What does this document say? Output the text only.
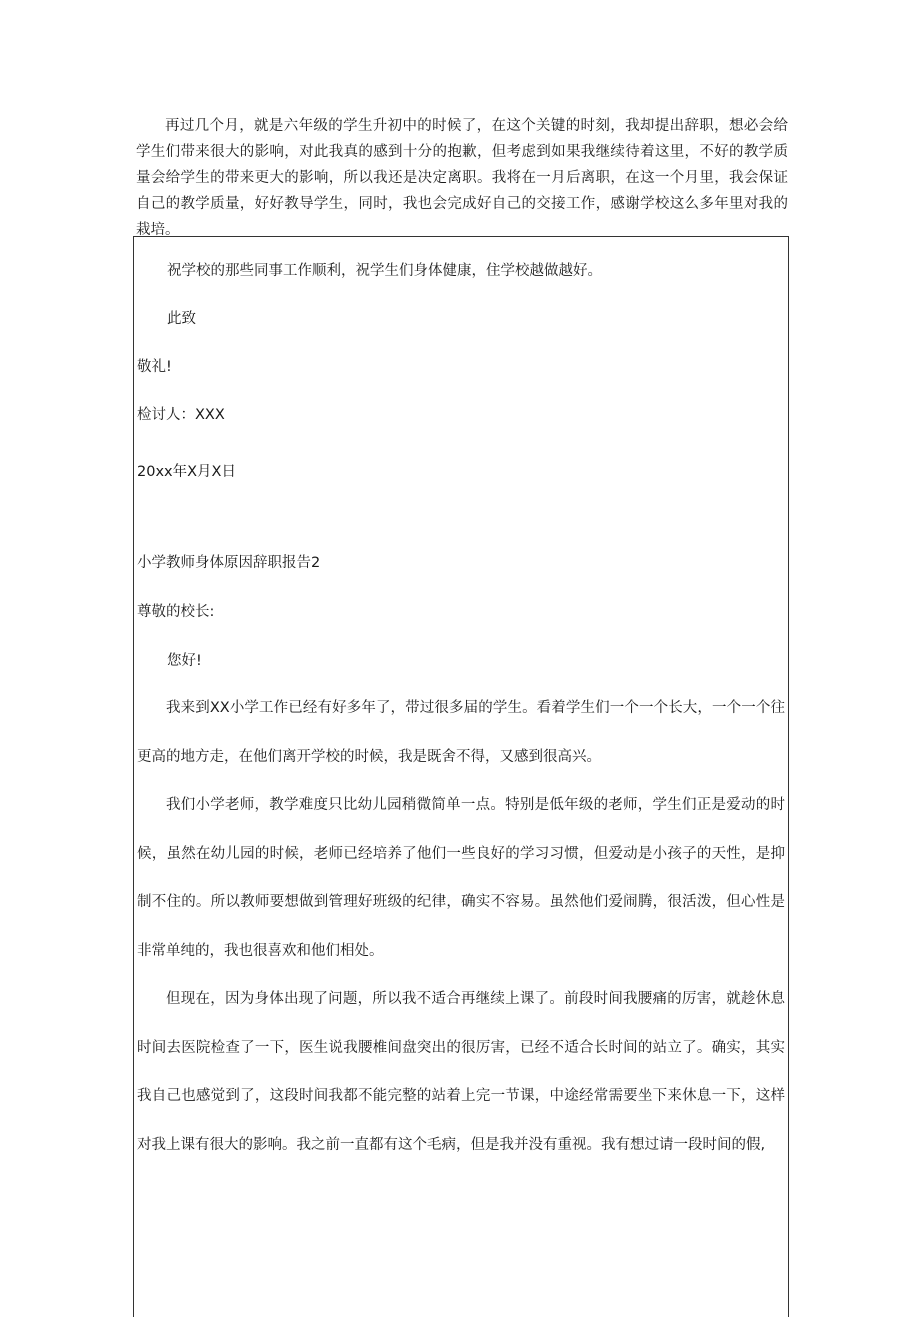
再过几个月，就是六年级的学生升初中的时候了，在这个关键的时刻，我却提出辞职，想必会给学生们带来很大的影响，对此我真的感到十分的抱歉，但考虑到如果我继续待着这里，不好的教学质量会给学生的带来更大的影响，所以我还是决定离职。我将在一月后离职，在这一个月里，我会保证自己的教学质量，好好教导学生，同时，我也会完成好自己的交接工作，感谢学校这么多年里对我的栽培。

祝学校的那些同事工作顺利，祝学生们身体健康，住学校越做越好。
此致
敬礼!
检讨人：XXX
20xx年X月X日
小学教师身体原因辞职报告2
尊敬的校长:
您好!

我来到XX小学工作已经有好多年了，带过很多届的学生。看着学生们一个一个长大，一个一个往更高的地方走，在他们离开学校的时候，我是既舍不得，又感到很高兴。

我们小学老师，教学难度只比幼儿园稍微简单一点。特别是低年级的老师，学生们正是爱动的时候，虽然在幼儿园的时候，老师已经培养了他们一些良好的学习习惯，但爱动是小孩子的天性，是抑制不住的。所以教师要想做到管理好班级的纪律，确实不容易。虽然他们爱闹腾，很活泼，但心性是非常单纯的，我也很喜欢和他们相处。

但现在，因为身体出现了问题，所以我不适合再继续上课了。前段时间我腰痛的厉害，就趁休息时间去医院检查了一下，医生说我腰椎间盘突出的很厉害，已经不适合长时间的站立了。确实，其实我自己也感觉到了，这段时间我都不能完整的站着上完一节课，中途经常需要坐下来休息一下，这样对我上课有很大的影响。我之前一直都有这个毛病，但是我并没有重视。我有想过请一段时间的假,
